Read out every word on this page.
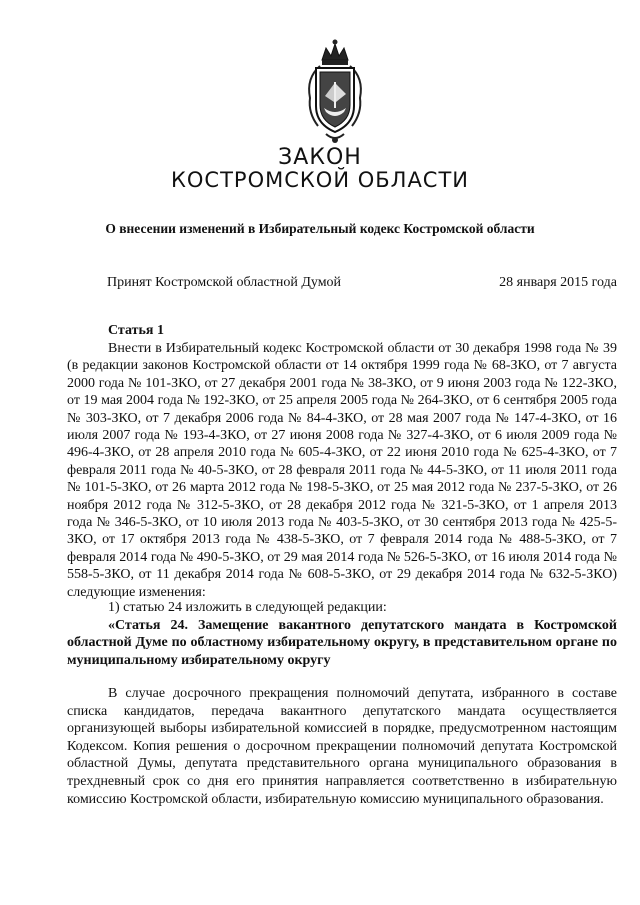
ЗАКОН
КОСТРОМСКОЙ ОБЛАСТИ
О внесении изменений в Избирательный кодекс Костромской области
Принят Костромской областной Думой	28 января 2015 года
Статья 1

Внести в Избирательный кодекс Костромской области от 30 декабря 1998 года № 39 (в редакции законов Костромской области от 14 октября 1999 года № 68-ЗКО, от 7 августа 2000 года № 101-ЗКО, от 27 декабря 2001 года № 38-ЗКО, от 9 июня 2003 года № 122-ЗКО, от 19 мая 2004 года № 192-ЗКО, от 25 апреля 2005 года № 264-ЗКО, от 6 сентября 2005 года № 303-ЗКО, от 7 декабря 2006 года № 84-4-ЗКО, от 28 мая 2007 года № 147-4-ЗКО, от 16 июля 2007 года № 193-4-ЗКО, от 27 июня 2008 года № 327-4-ЗКО, от 6 июля 2009 года № 496-4-ЗКО, от 28 апреля 2010 года № 605-4-ЗКО, от 22 июня 2010 года № 625-4-ЗКО, от 7 февраля 2011 года № 40-5-ЗКО, от 28 февраля 2011 года № 44-5-ЗКО, от 11 июля 2011 года № 101-5-ЗКО, от 26 марта 2012 года № 198-5-ЗКО, от 25 мая 2012 года № 237-5-ЗКО, от 26 ноября 2012 года № 312-5-ЗКО, от 28 декабря 2012 года № 321-5-ЗКО, от 1 апреля 2013 года № 346-5-ЗКО, от 10 июля 2013 года № 403-5-ЗКО, от 30 сентября 2013 года № 425-5-ЗКО, от 17 октября 2013 года № 438-5-ЗКО, от 7 февраля 2014 года № 488-5-ЗКО, от 7 февраля 2014 года № 490-5-ЗКО, от 29 мая 2014 года № 526-5-ЗКО, от 16 июля 2014 года № 558-5-ЗКО, от 11 декабря 2014 года № 608-5-ЗКО, от 29 декабря 2014 года № 632-5-ЗКО) следующие изменения:

1) статью 24 изложить в следующей редакции:

«Статья 24. Замещение вакантного депутатского мандата в Костромской областной Думе по областному избирательному округу, в представительном органе по муниципальному избирательному округу

В случае досрочного прекращения полномочий депутата, избранного в составе списка кандидатов, передача вакантного депутатского мандата осуществляется организующей выборы избирательной комиссией в порядке, предусмотренном настоящим Кодексом. Копия решения о досрочном прекращении полномочий депутата Костромской областной Думы, депутата представительного органа муниципального образования в трехдневный срок со дня его принятия направляется соответственно в избирательную комиссию Костромской области, избирательную комиссию муниципального образования.
